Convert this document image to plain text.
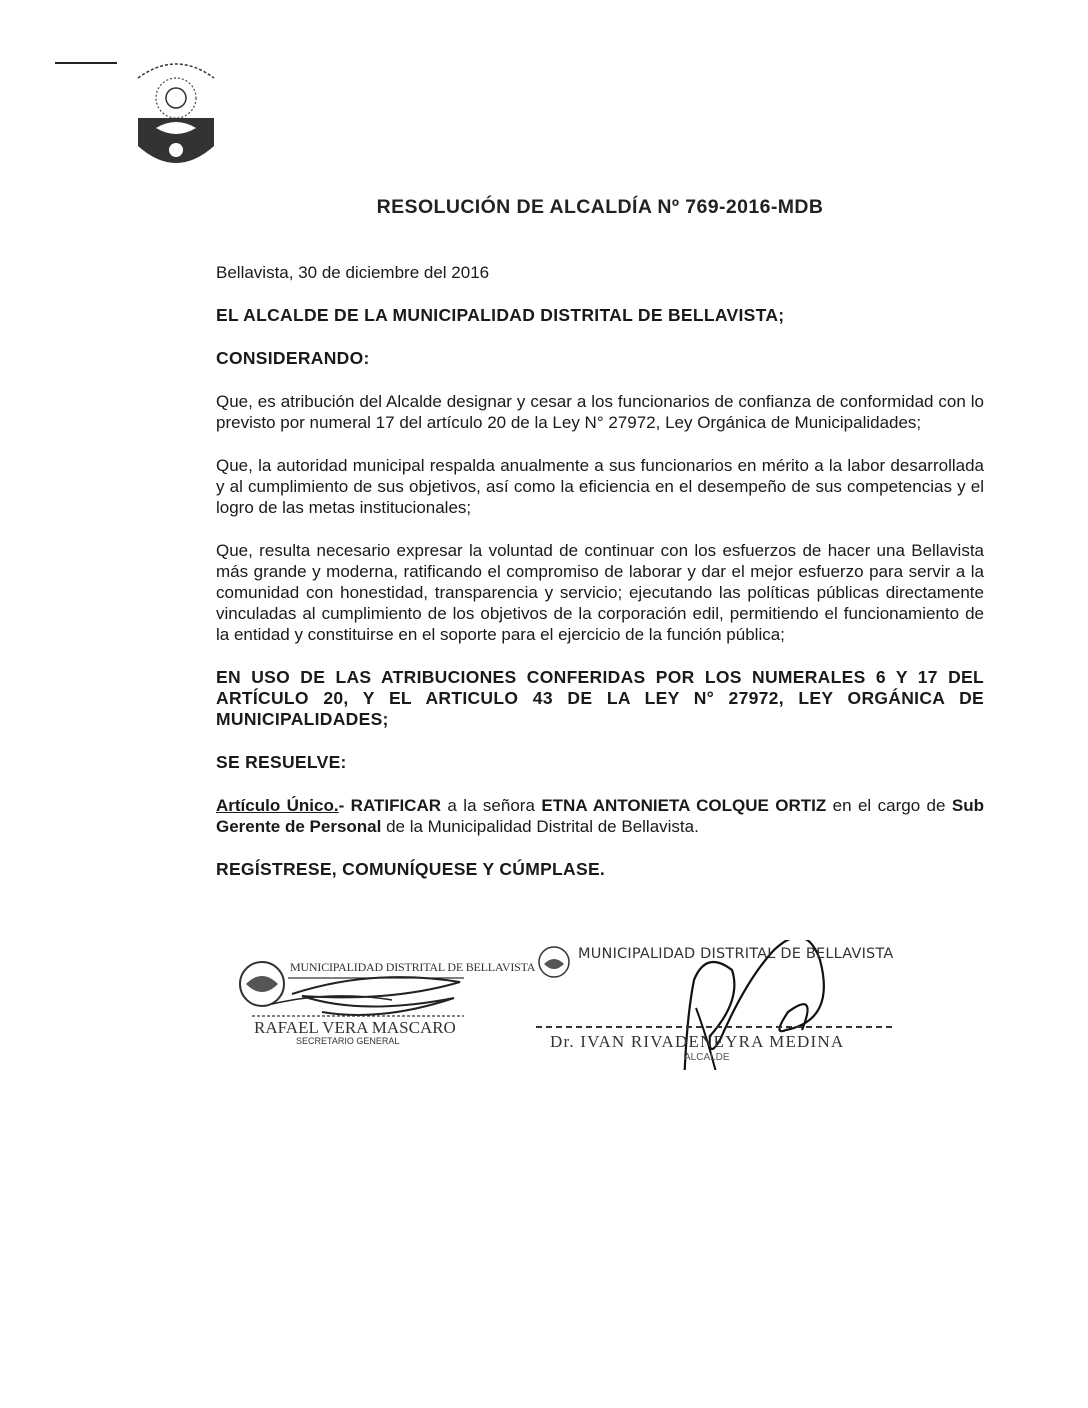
RESOLUCIÓN DE ALCALDÍA Nº 769-2016-MDB

Bellavista, 30 de diciembre del 2016

EL ALCALDE DE LA MUNICIPALIDAD DISTRITAL DE BELLAVISTA;

CONSIDERANDO:

Que, es atribución del Alcalde designar y cesar a los funcionarios de confianza de conformidad con lo previsto por numeral 17 del artículo 20 de la Ley N° 27972, Ley Orgánica de Municipalidades;

Que, la autoridad municipal respalda anualmente a sus funcionarios en mérito a la labor desarrollada y al cumplimiento de sus objetivos, así como la eficiencia en el desempeño de sus competencias y el logro de las metas institucionales;

Que, resulta necesario expresar la voluntad de continuar con los esfuerzos de hacer una Bellavista más grande y moderna, ratificando el compromiso de laborar y dar el mejor esfuerzo para servir a la comunidad con honestidad, transparencia y servicio; ejecutando las políticas públicas directamente vinculadas al cumplimiento de los objetivos de la corporación edil, permitiendo el funcionamiento de la entidad y constituirse en el soporte para el ejercicio de la función pública;

EN USO DE LAS ATRIBUCIONES CONFERIDAS POR LOS NUMERALES 6 Y 17 DEL ARTÍCULO 20, Y EL ARTICULO 43 DE LA LEY N° 27972, LEY ORGÁNICA DE MUNICIPALIDADES;

SE RESUELVE:

Artículo Único.- RATIFICAR a la señora ETNA ANTONIETA COLQUE ORTIZ en el cargo de Sub Gerente de Personal de la Municipalidad Distrital de Bellavista.

REGÍSTRESE, COMUNÍQUESE Y CÚMPLASE.

MUNICIPALIDAD DISTRITAL DE BELLAVISTA
RAFAEL VERA MASCARO
SECRETARIO GENERAL
MUNICIPALIDAD DISTRITAL DE BELLAVISTA
Dr. IVAN RIVADENEYRA MEDINA
ALCALDE
